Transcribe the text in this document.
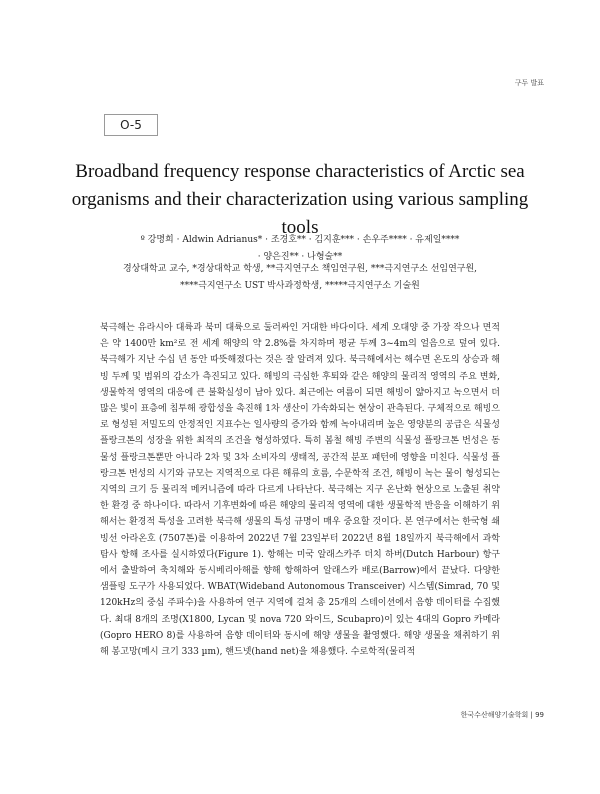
구두 발표
O-5
Broadband frequency response characteristics of Arctic sea
organisms and their characterization using various sampling tools
º 강명희 · Aldwin Adrianus* · 조경호** · 김지훈*** · 손우주**** · 유제일****
· 양은진** · 나형술**
경상대학교 교수, *경상대학교 학생, **극지연구소 책임연구원, ***극지연구소 선임연구원,
****극지연구소 UST 박사과정학생, *****극지연구소 기술원

북극해는 유라시아 대륙과 북미 대륙으로 둘러싸인 거대한 바다이다. 세계 오대양 중 가장 작으나 면적은 약 1400만 km²로 전 세계 해양의 약 2.8%를 차지하며 평균 두께 3~4m의 얼음으로 덮여 있다. 북극해가 지난 수십 년 동안 따뜻해졌다는 것은 잘 알려져 있다. 북극해에서는 해수면 온도의 상승과 해빙 두께 및 범위의 감소가 측진되고 있다. 해빙의 극심한 후퇴와 같은 해양의 물리적 영역의 주요 변화, 생물학적 영역의 대응에 큰 불확실성이 남아 있다. 최근에는 여름이 되면 해빙이 얇아지고 녹으면서 더 많은 빛이 표층에 침투해 광합성을 촉진해 1차 생산이 가속화되는 현상이 관측된다. 구체적으로 해빙으로 형성된 저밀도의 안정적인 지표수는 일사량의 증가와 함께 녹아내리며 높은 영양분의 공급은 식물성 플랑크톤의 성장을 위한 최적의 조건을 형성하였다. 특히 봄철 해빙 주변의 식물성 플랑크톤 번성은 동물성 플랑크톤뿐만 아니라 2차 및 3차 소비자의 생태적, 공간적 분포 패턴에 영향을 미친다. 식물성 플랑크톤 번성의 시기와 규모는 지역적으로 다른 해류의 흐름, 수문학적 조건, 해빙이 녹는 물이 형성되는 지역의 크기 등 물리적 메커니즘에 따라 다르게 나타난다. 북극해는 지구 온난화 현상으로 노출된 취약한 환경 중 하나이다. 따라서 기후변화에 따른 해양의 물리적 영역에 대한 생물학적 반응을 이해하기 위해서는 환경적 특성을 고려한 북극해 생물의 특성 규명이 매우 중요할 것이다. 본 연구에서는 한국형 쇄빙선 아라온호 (7507톤)를 이용하여 2022년 7월 23일부터 2022년 8월 18일까지 북극해에서 과학 탐사 항해 조사를 실시하였다(Figure 1). 항해는 미국 알래스카주 더치 하버(Dutch Harbour) 항구에서 출발하여 축치해와 동시베리아해를 향해 항해하여 알래스카 배로(Barrow)에서 끝났다. 다양한 샘플링 도구가 사용되었다. WBAT(Wideband Autonomous Transceiver) 시스템(Simrad, 70 및 120kHz의 중심 주파수)을 사용하여 연구 지역에 걸쳐 총 25개의 스테이션에서 음향 데이터를 수집했다. 최대 8개의 조명(X1800, Lycan 및 nova 720 와이드, Scubapro)이 있는 4대의 Gopro 카메라(Gopro HERO 8)를 사용하여 음향 데이터와 동시에 해양 생물을 촬영했다. 해양 생물을 채취하기 위해 봉고망(메시 크기 333 µm), 핸드넷(hand net)을 채용했다. 수로학적(물리적

한국수산해양기술학회 | 99
